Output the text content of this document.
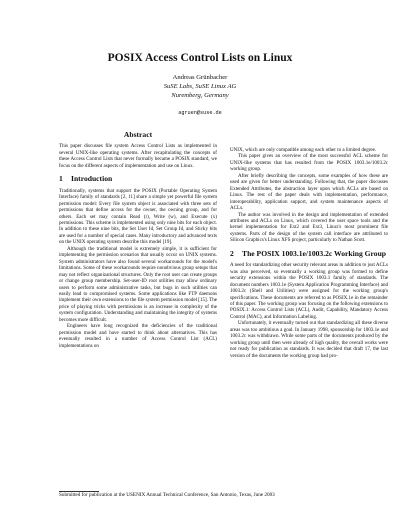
POSIX Access Control Lists on Linux
Andreas Grünbacher
SuSE Labs, SuSE Linux AG
Nuremberg, Germany
agruen@suse.de
Abstract

This paper discusses file system Access Control Lists as implemented in several UNIX-like operating systems. After recapitulating the concepts of these Access Control Lists that never formally became a POSIX standard, we focus on the different aspects of implementation and use on Linux.

1 Introduction

Traditionally, systems that support the POSIX (Portable Operating System Interface) family of standards [2, 11] share a simple yet powerful file system permission model: Every file system object is associated with three sets of permissions that define access for the owner, the owning group, and for others. Each set may contain Read (r), Write (w), and Execute (x) permissions. This scheme is implemented using only nine bits for each object. In addition to these nine bits, the Set User Id, Set Group Id, and Sticky bits are used for a number of special cases. Many introductory and advanced texts on the UNIX operating system describe this model [19].

Although the traditional model is extremely simple, it is sufficient for implementing the permission scenarios that usually occur on UNIX systems. System administrators have also found several workarounds for the model's limitations. Some of these workarounds require nonobvious group setups that may not reflect organizational structures. Only the root user can create groups or change group membership. Set-user-ID root utilities may allow ordinary users to perform some administrative tasks, but bugs in such utilities can easily lead to compromised systems. Some applications like FTP daemons implement their own extensions to the file system permission model [15]. The price of playing tricks with permissions is an increase in complexity of the system configuration. Understanding and maintaining the integrity of systems becomes more difficult.

Engineers have long recognized the deficiencies of the traditional permission model and have started to think about alternatives. This has eventually resulted in a number of Access Control List (ACL) implementations on

UNIX, which are only compatible among each other to a limited degree.

This paper gives an overview of the most successful ACL scheme for UNIX-like systems that has resulted from the POSIX 1003.1e/1003.2c working group.

After briefly describing the concepts, some examples of how these are used are given for better understanding. Following that, the paper discusses Extended Attributes, the abstraction layer upon which ACLs are based on Linux. The rest of the paper deals with implementation, performance, interoperability, application support, and system maintenance aspects of ACLs.

The author was involved in the design and implementation of extended attributes and ACLs on Linux, which covered the user space tools and the kernel implementation for Ext2 and Ext3, Linux's most prominent file systems. Parts of the design of the system call interface are attributed to Silicon Graphics's Linux XFS project, particularly to Nathan Scott.

2 The POSIX 1003.1e/1003.2c Working Group

A need for standardizing other security relevant areas in addition to just ACLs was also perceived, so eventually a working group was formed to define security extensions within the POSIX 1003.1 family of standards. The document numbers 1003.1e (System Application Programming Interface) and 1003.2c (Shell and Utilities) were assigned for the working group's specifications. These documents are referred to as POSIX.1e in the remainder of this paper. The working group was focusing on the following extensions to POSIX.1: Access Control Lists (ACL), Audit, Capability, Mandatory Access Control (MAC), and Information Labeling.

Unfortunately, it eventually turned out that standardizing all these diverse areas was too ambitious a goal. In January 1998, sponsorship for 1003.1e and 1003.2c was withdrawn. While some parts of the documents produced by the working group until then were already of high quality, the overall works were not ready for publication as standards. It was decided that draft 17, the last version of the documents the working group had pro-

Submitted for publication at the USENIX Annual Technical Conference, San Antonio, Texas, June 2003
